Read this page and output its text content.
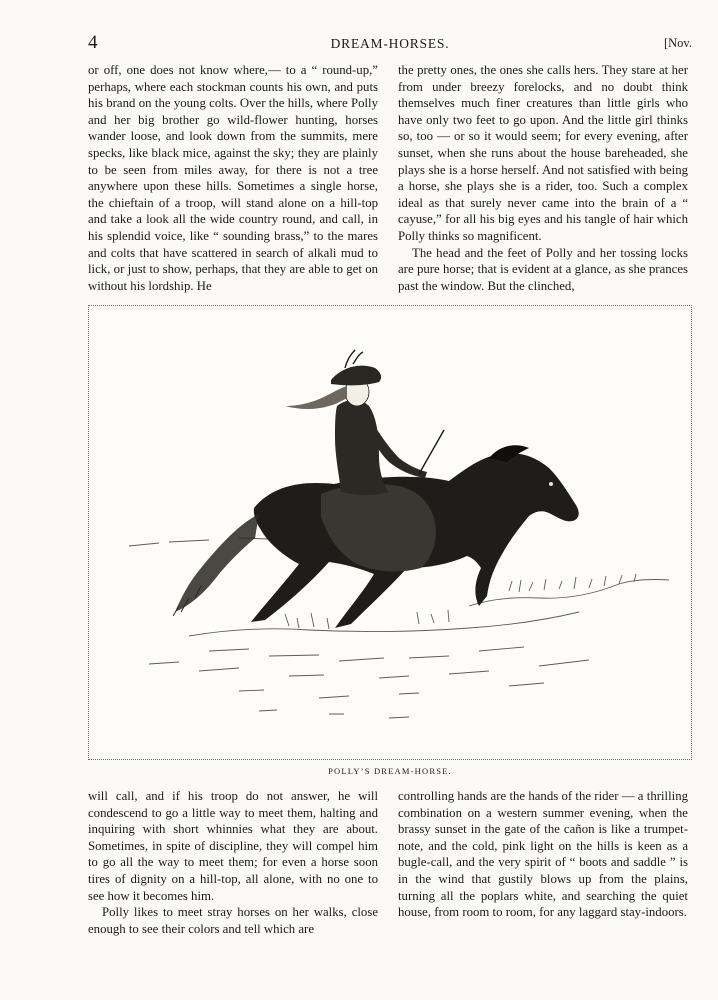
4	DREAM-HORSES.	[Nov.

or off, one does not know where,— to a “ round-up,” perhaps, where each stockman counts his own, and puts his brand on the young colts. Over the hills, where Polly and her big brother go wild-flower hunting, horses wander loose, and look down from the summits, mere specks, like black mice, against the sky; they are plainly to be seen from miles away, for there is not a tree anywhere upon these hills. Sometimes a single horse, the chieftain of a troop, will stand alone on a hill-top and take a look all the wide country round, and call, in his splendid voice, like “ sounding brass,” to the mares and colts that have scattered in search of alkali mud to lick, or just to show, perhaps, that they are able to get on without his lordship. He

the pretty ones, the ones she calls hers. They stare at her from under breezy forelocks, and no doubt think themselves much finer creatures than little girls who have only two feet to go upon. And the little girl thinks so, too — or so it would seem; for every evening, after sunset, when she runs about the house bareheaded, she plays she is a horse herself. And not satisfied with being a horse, she plays she is a rider, too. Such a complex ideal as that surely never came into the brain of a “ cayuse,” for all his big eyes and his tangle of hair which Polly thinks so magnificent.

The head and the feet of Polly and her tossing locks are pure horse; that is evident at a glance, as she prances past the window. But the clinched,

POLLY’S DREAM-HORSE.

will call, and if his troop do not answer, he will condescend to go a little way to meet them, halting and inquiring with short whinnies what they are about. Sometimes, in spite of discipline, they will compel him to go all the way to meet them; for even a horse soon tires of dignity on a hill-top, all alone, with no one to see how it becomes him.

Polly likes to meet stray horses on her walks, close enough to see their colors and tell which are

controlling hands are the hands of the rider — a thrilling combination on a western summer evening, when the brassy sunset in the gate of the cañon is like a trumpet-note, and the cold, pink light on the hills is keen as a bugle-call, and the very spirit of “ boots and saddle ” is in the wind that gustily blows up from the plains, turning all the poplars white, and searching the quiet house, from room to room, for any laggard stay-indoors.
